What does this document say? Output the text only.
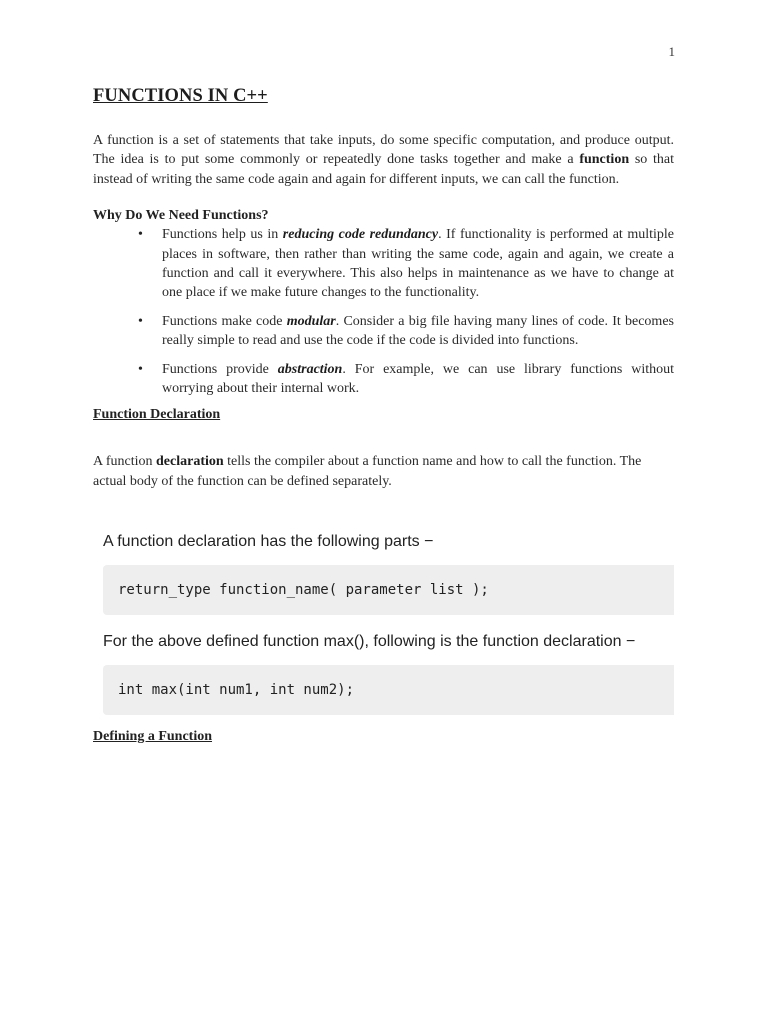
1
FUNCTIONS IN C++

A function is a set of statements that take inputs, do some specific computation, and produce output. The idea is to put some commonly or repeatedly done tasks together and make a function so that instead of writing the same code again and again for different inputs, we can call the function.

Why Do We Need Functions?
• Functions help us in reducing code redundancy. If functionality is performed at multiple places in software, then rather than writing the same code, again and again, we create a function and call it everywhere. This also helps in maintenance as we have to change at one place if we make future changes to the functionality.

• Functions make code modular. Consider a big file having many lines of code. It becomes really simple to read and use the code if the code is divided into functions.

• Functions provide abstraction. For example, we can use library functions without worrying about their internal work.

Function Declaration

A function declaration tells the compiler about a function name and how to call the function. The actual body of the function can be defined separately.

A function declaration has the following parts −
return_type function_name( parameter list );
For the above defined function max(), following is the function declaration −
int max(int num1, int num2);
Defining a Function
